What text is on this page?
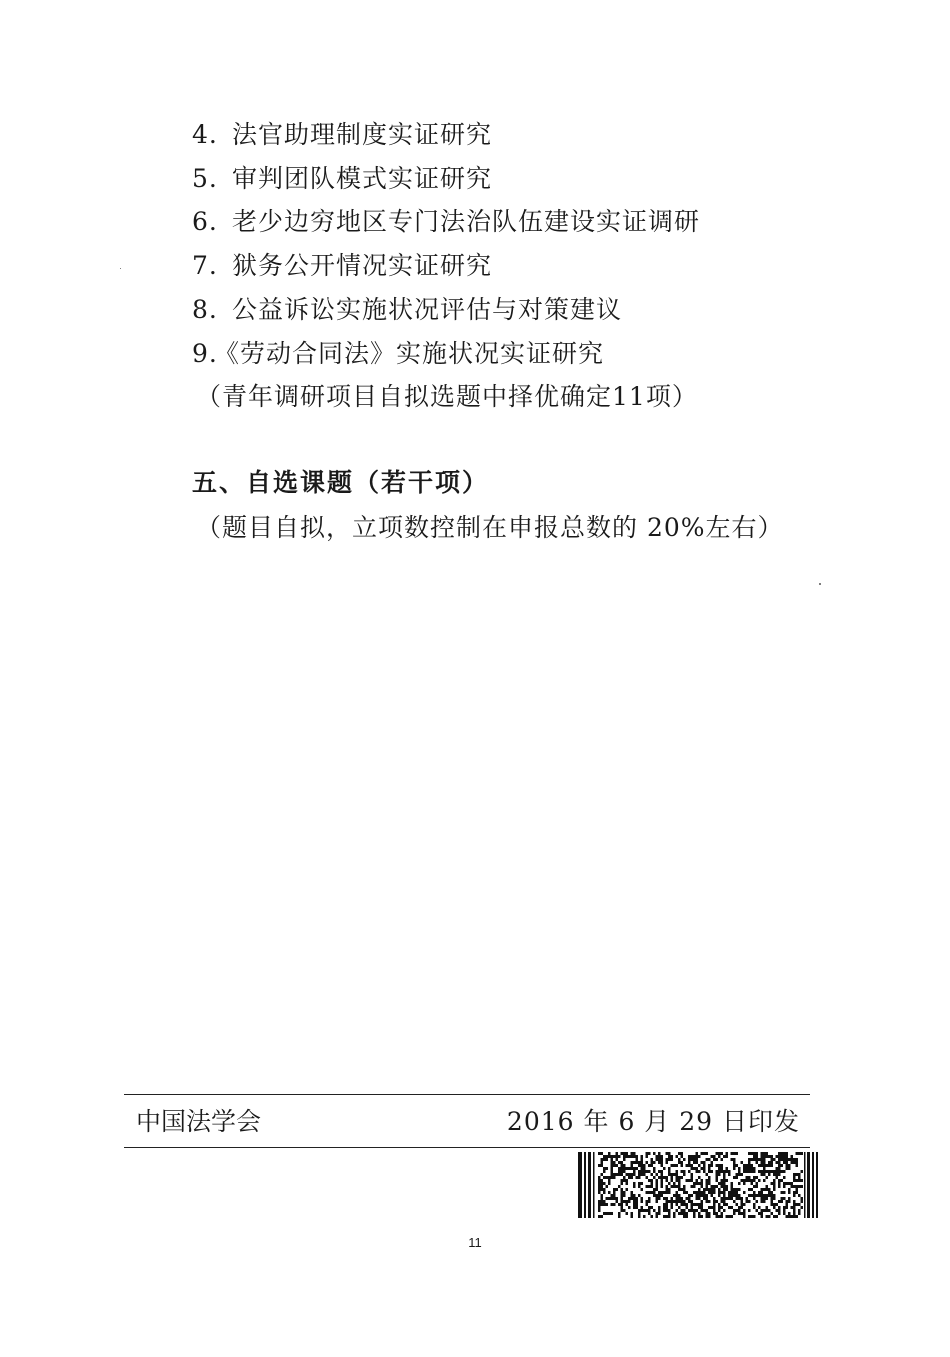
4. 法官助理制度实证研究
5. 审判团队模式实证研究
6. 老少边穷地区专门法治队伍建设实证调研
7. 狱务公开情况实证研究
8. 公益诉讼实施状况评估与对策建议
9.《劳动合同法》实施状况实证研究
（青年调研项目自拟选题中择优确定11项）
五、自选课题（若干项）
（题目自拟，立项数控制在申报总数的 20%左右）
中国法学会	2016 年 6 月 29 日印发
11
